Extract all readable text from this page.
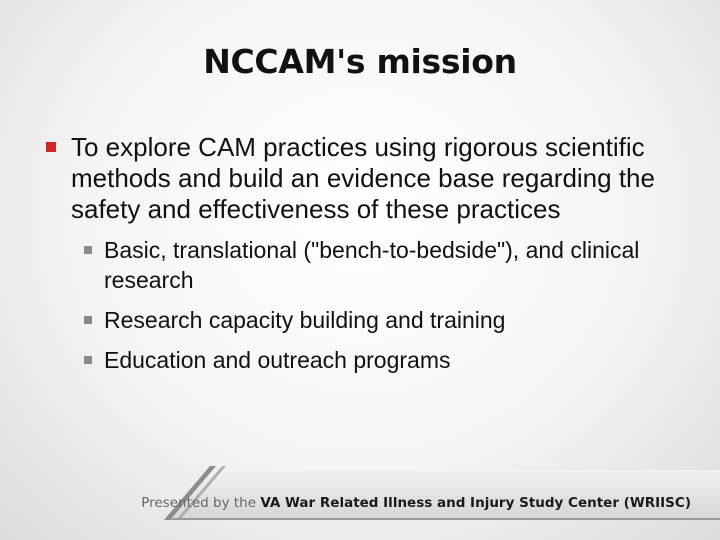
NCCAM's mission
To explore CAM practices using rigorous scientific methods and build an evidence base regarding the safety and effectiveness of these practices
Basic, translational ("bench-to-bedside"), and clinical research
Research capacity building and training
Education and outreach programs
Presented by the VA War Related Illness and Injury Study Center (WRIISC)
